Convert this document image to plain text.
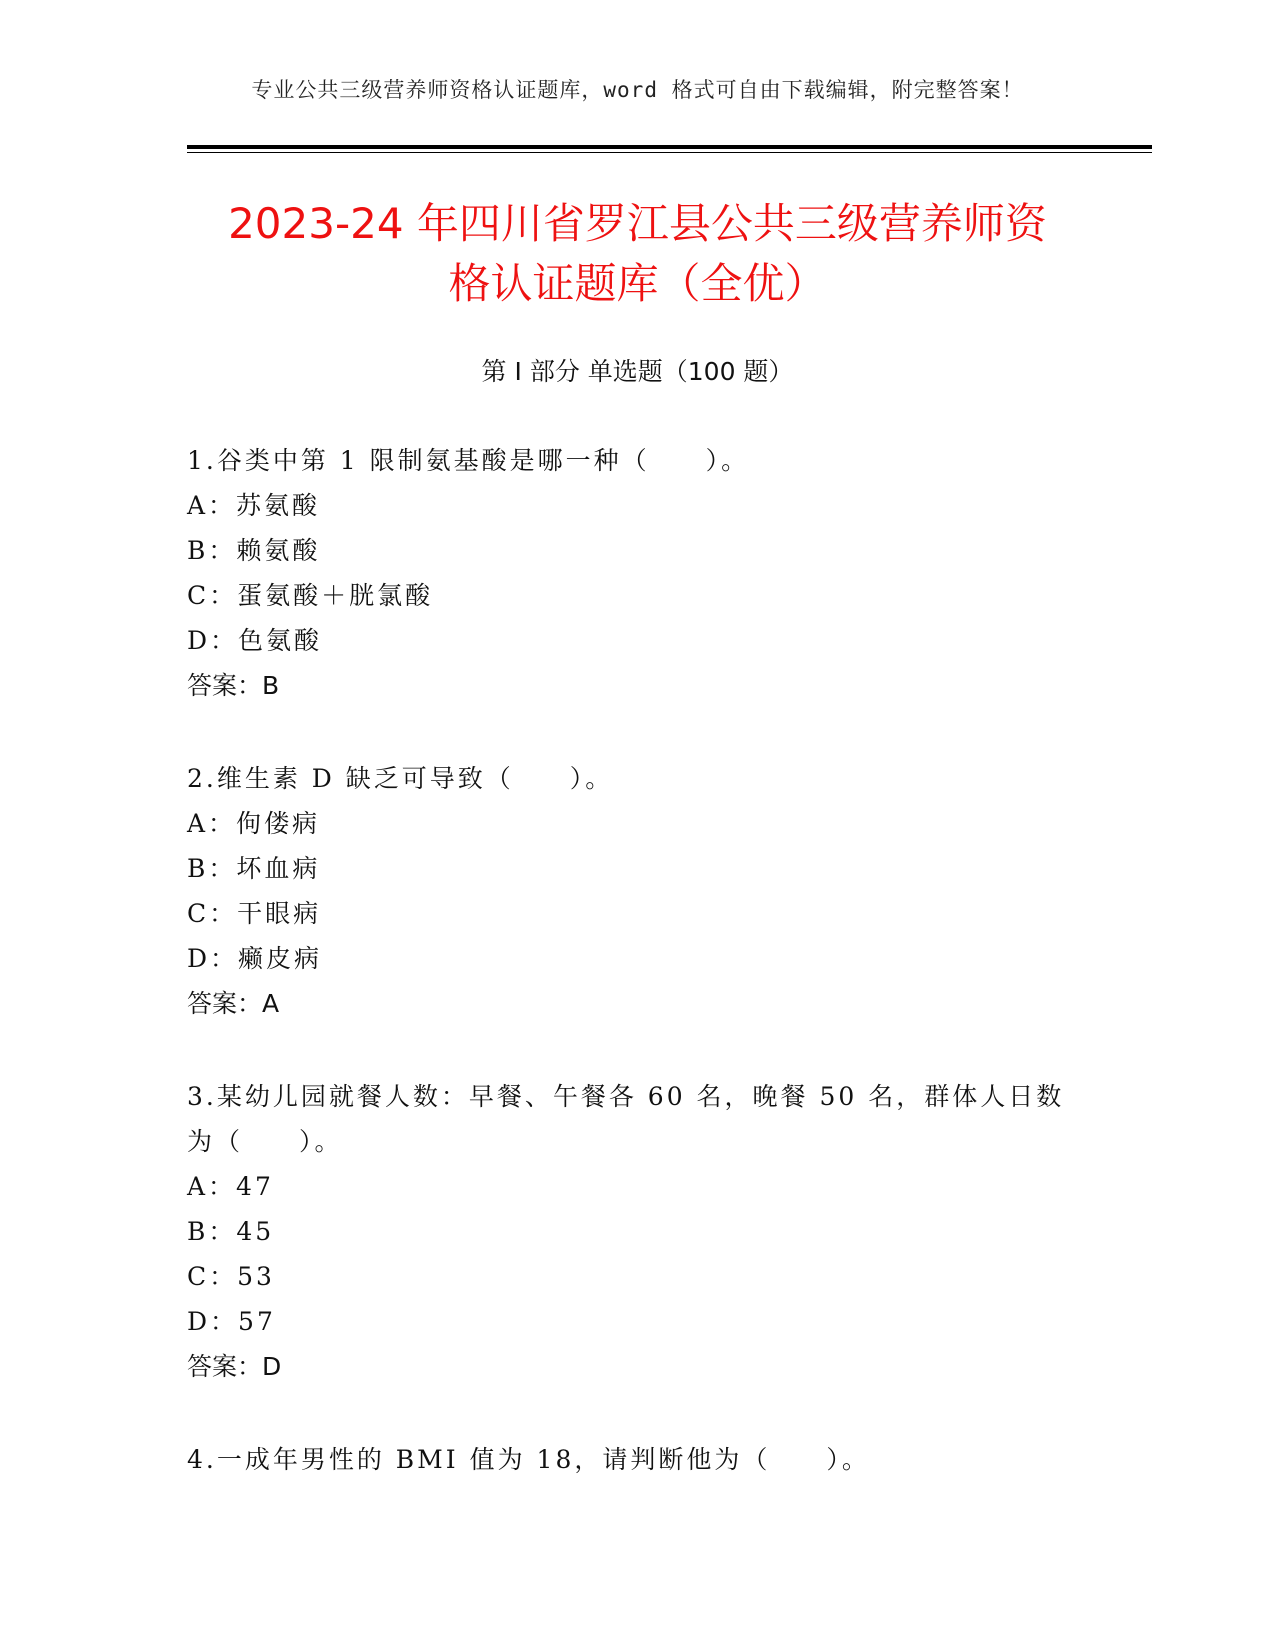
专业公共三级营养师资格认证题库，word 格式可自由下载编辑，附完整答案！
2023-24 年四川省罗江县公共三级营养师资
格认证题库（全优）
第 I 部分 单选题（100 题）
1.谷类中第 1 限制氨基酸是哪一种（　　）。
A：苏氨酸
B：赖氨酸
C：蛋氨酸＋胱氯酸
D：色氨酸
答案：B
2.维生素 D 缺乏可导致（　　）。
A：佝偻病
B：坏血病
C：干眼病
D：癞皮病
答案：A
3.某幼儿园就餐人数：早餐、午餐各 60 名，晚餐 50 名，群体人日数为（　　）。
A：47
B：45
C：53
D：57
答案：D
4.一成年男性的 BMI 值为 18，请判断他为（　　）。
